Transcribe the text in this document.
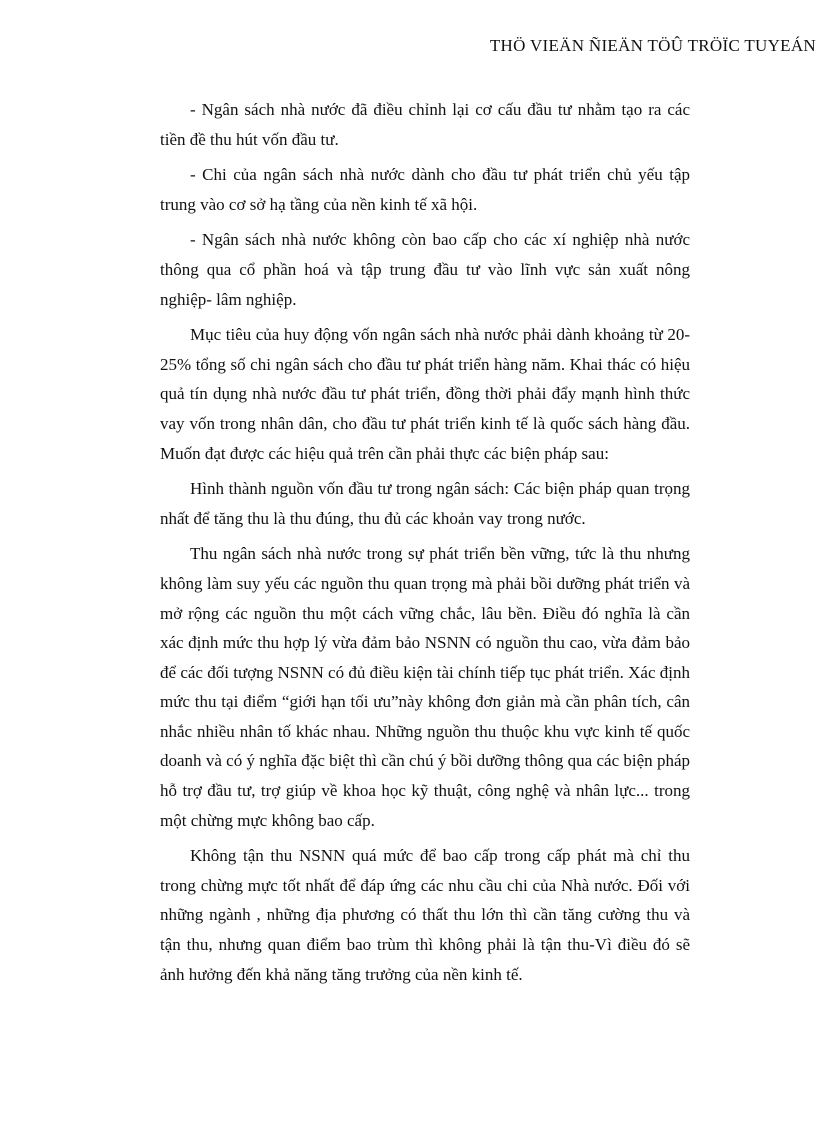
THÖ VIEÄN ÑIEÄN TÖÛ TRÖÏC TUYEÁN

- Ngân sách nhà nước đã điều chỉnh lại cơ cấu đầu tư nhằm tạo ra các tiền đề thu hút vốn đầu tư.

- Chi của ngân sách nhà nước dành cho đầu tư phát triển chủ yếu tập trung vào cơ sở hạ tầng của nền kinh tế xã hội.

- Ngân sách nhà nước không còn bao cấp cho các xí nghiệp nhà nước thông qua cổ phần hoá và tập trung đầu tư vào lĩnh vực sản xuất nông nghiệp- lâm nghiệp.

Mục tiêu của huy động vốn ngân sách nhà nước phải dành khoảng từ 20- 25% tổng số chi ngân sách cho đầu tư phát triển hàng năm. Khai thác có hiệu quả tín dụng nhà nước đầu tư phát triển, đồng thời phải đẩy mạnh hình thức vay vốn trong nhân dân, cho đầu tư phát triển kinh tế là quốc sách hàng đầu. Muốn đạt được các hiệu quả trên cần phải thực các biện pháp sau:

Hình thành nguồn vốn đầu tư trong ngân sách: Các biện pháp quan trọng nhất để tăng thu là thu đúng, thu đủ các khoản vay trong nước.

Thu ngân sách nhà nước trong sự phát triển bền vững, tức là thu nhưng không làm suy yếu các nguồn thu quan trọng mà phải bồi dưỡng phát triển và mở rộng các nguồn thu một cách vững chắc, lâu bền. Điều đó nghĩa là cần xác định mức thu hợp lý vừa đảm bảo NSNN có nguồn thu cao, vừa đảm bảo để các đối tượng NSNN có đủ điều kiện tài chính tiếp tục phát triển. Xác định mức thu tại điểm “giới hạn tối ưu”này không đơn giản mà cần phân tích, cân nhắc nhiều nhân tố khác nhau. Những nguồn thu thuộc khu vực kinh tế quốc doanh và có ý nghĩa đặc biệt thì cần chú ý bồi dưỡng thông qua các biện pháp hỗ trợ đầu tư, trợ giúp về khoa học kỹ thuật, công nghệ và nhân lực... trong một chừng mực không bao cấp.

Không tận thu NSNN quá mức để bao cấp trong cấp phát mà chỉ thu trong chừng mực tốt nhất để đáp ứng các nhu cầu chi của Nhà nước. Đối với những ngành , những địa phương có thất thu lớn thì cần tăng cường thu và tận thu, nhưng quan điểm bao trùm thì không phải là tận thu-Vì điều đó sẽ ảnh hưởng đến khả năng tăng trưởng của nền kinh tế.
